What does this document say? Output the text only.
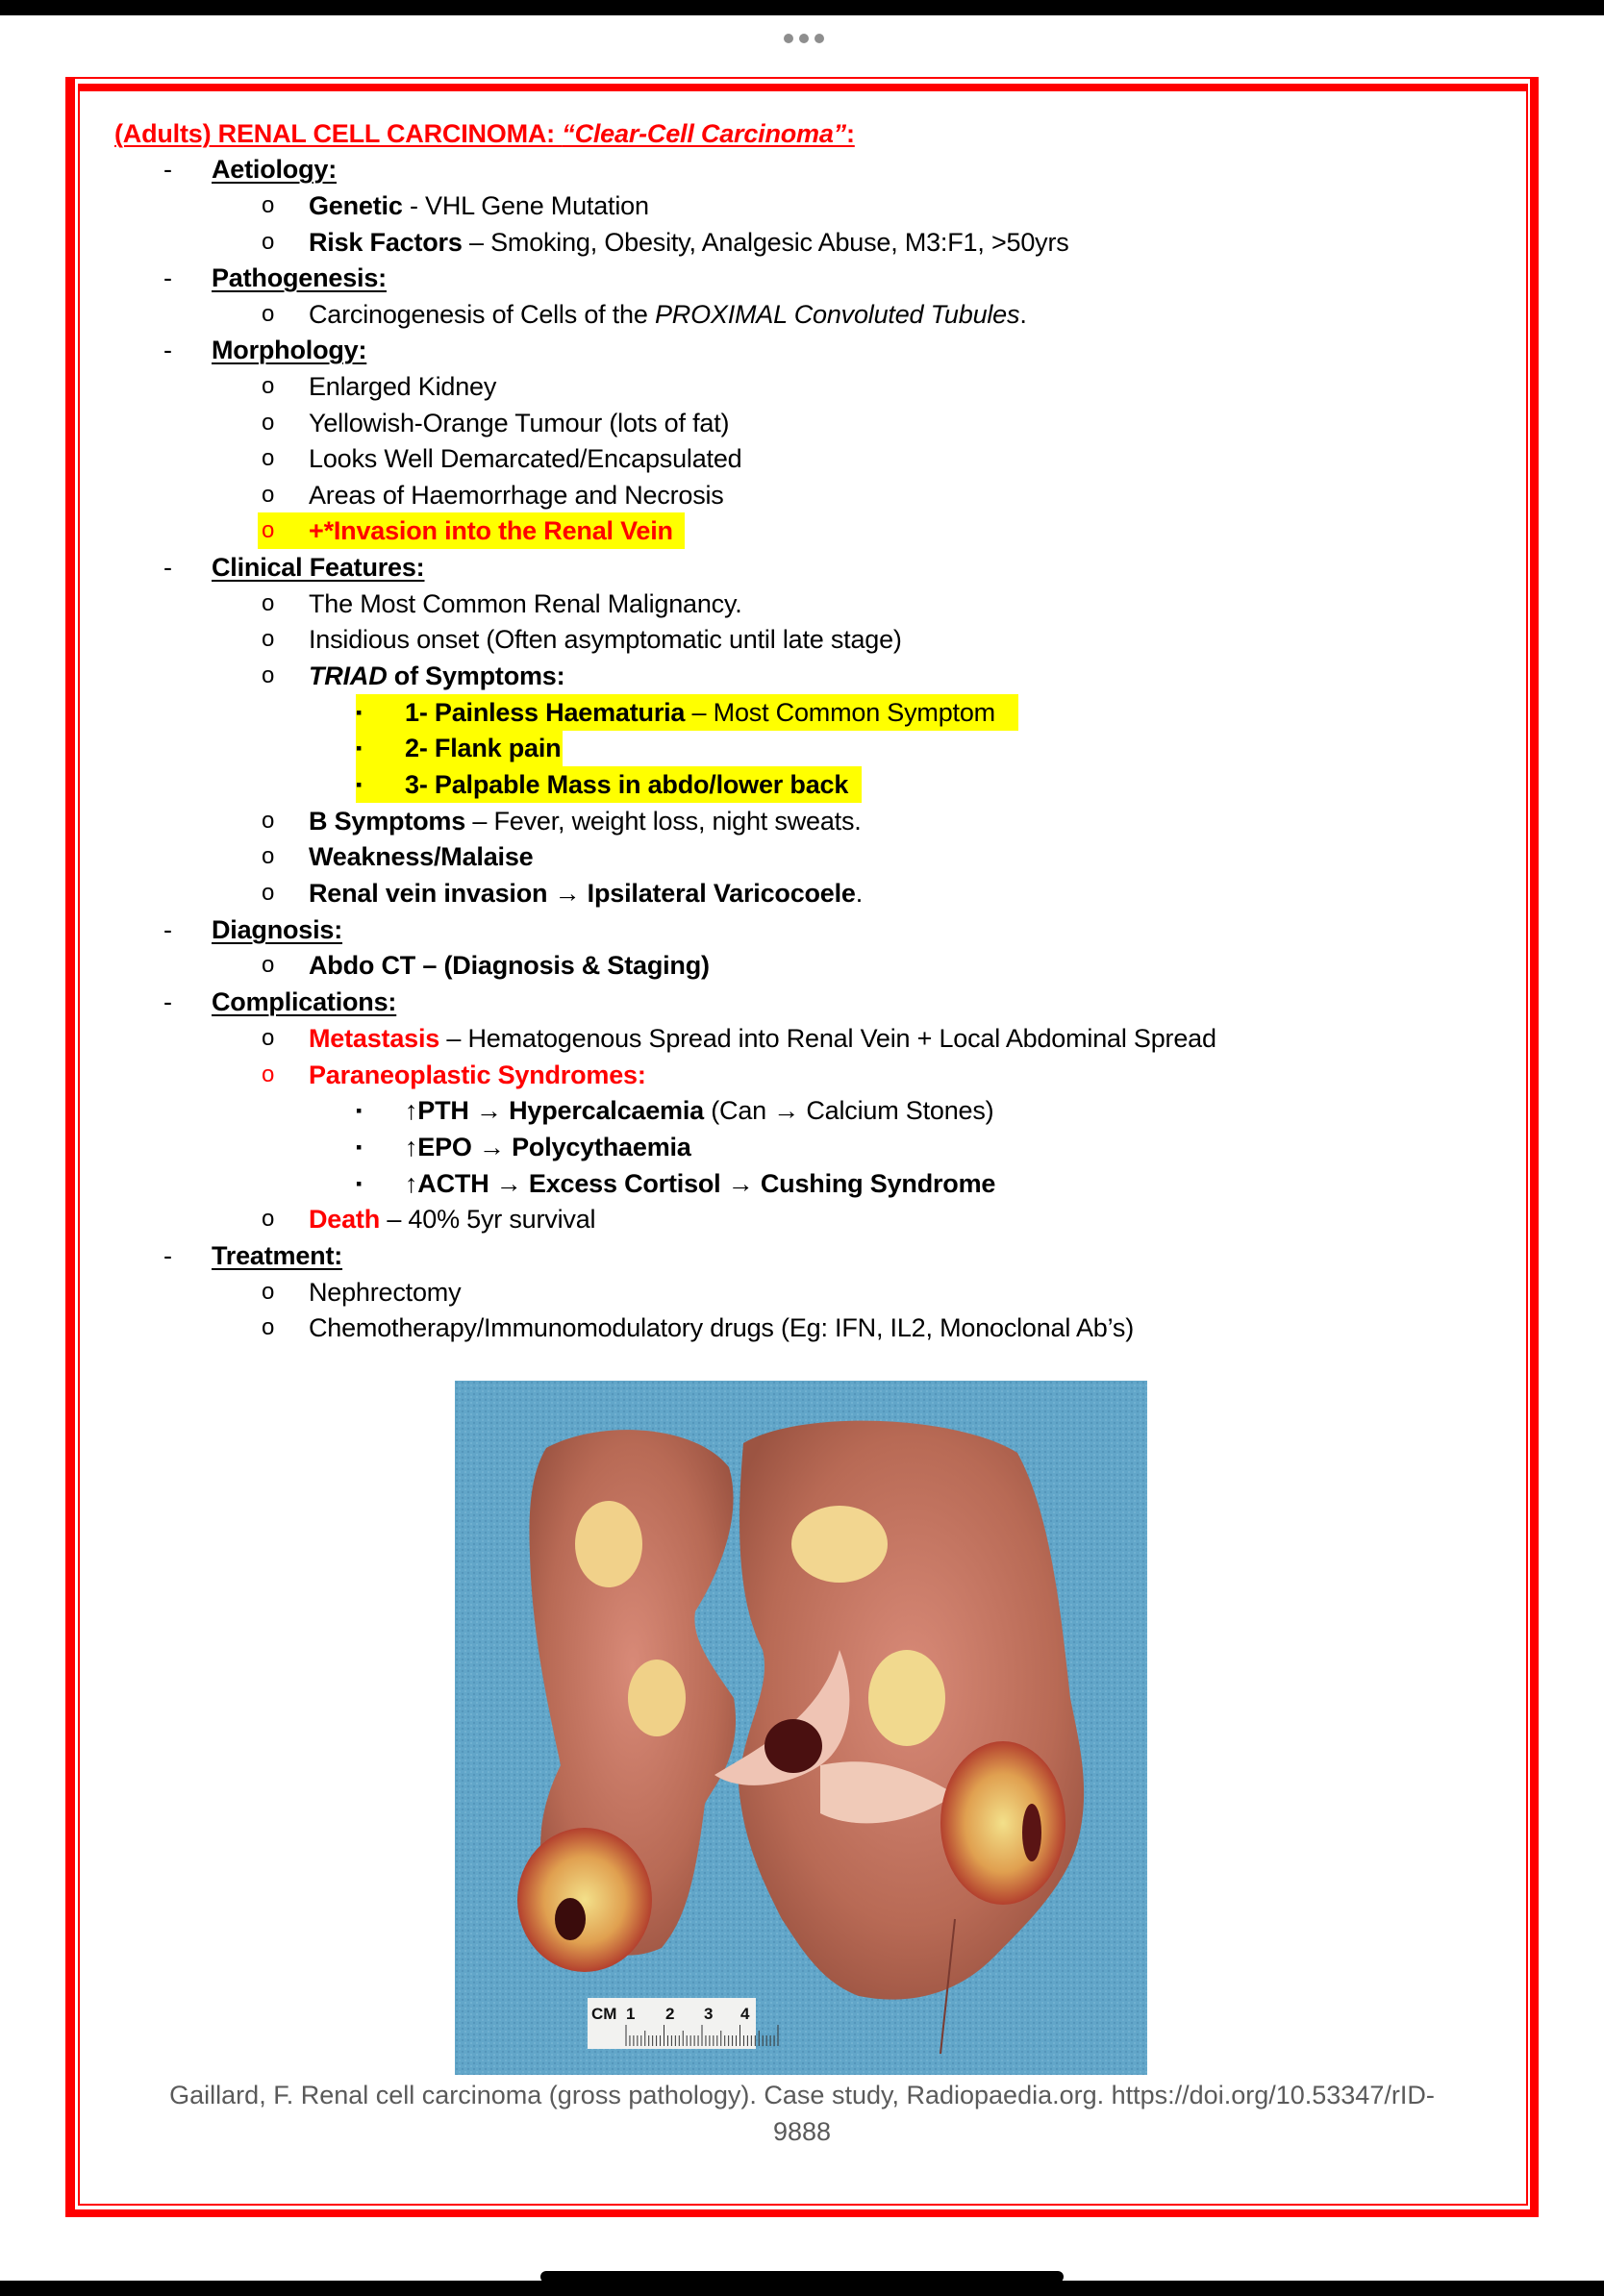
(Adults) RENAL CELL CARCINOMA: “Clear-Cell Carcinoma”:
- Aetiology:
o Genetic - VHL Gene Mutation
o Risk Factors – Smoking, Obesity, Analgesic Abuse, M3:F1, >50yrs
- Pathogenesis:
o Carcinogenesis of Cells of the PROXIMAL Convoluted Tubules.
- Morphology:
o Enlarged Kidney
o Yellowish-Orange Tumour (lots of fat)
o Looks Well Demarcated/Encapsulated
o Areas of Haemorrhage and Necrosis
o +*Invasion into the Renal Vein
- Clinical Features:
o The Most Common Renal Malignancy.
o Insidious onset (Often asymptomatic until late stage)
o TRIAD of Symptoms:
▪ 1- Painless Haematuria – Most Common Symptom
▪ 2- Flank pain
▪ 3- Palpable Mass in abdo/lower back
o B Symptoms – Fever, weight loss, night sweats.
o Weakness/Malaise
o Renal vein invasion → Ipsilateral Varicocoele.
- Diagnosis:
o Abdo CT – (Diagnosis & Staging)
- Complications:
o Metastasis – Hematogenous Spread into Renal Vein + Local Abdominal Spread
o Paraneoplastic Syndromes:
▪ ↑PTH → Hypercalcaemia (Can → Calcium Stones)
▪ ↑EPO → Polycythaemia
▪ ↑ACTH → Excess Cortisol → Cushing Syndrome
o Death – 40% 5yr survival
- Treatment:
o Nephrectomy
o Chemotherapy/Immunomodulatory drugs (Eg: IFN, IL2, Monoclonal Ab’s)
CM 1 2 3 4
Gaillard, F. Renal cell carcinoma (gross pathology). Case study, Radiopaedia.org. https://doi.org/10.53347/rID-
9888
